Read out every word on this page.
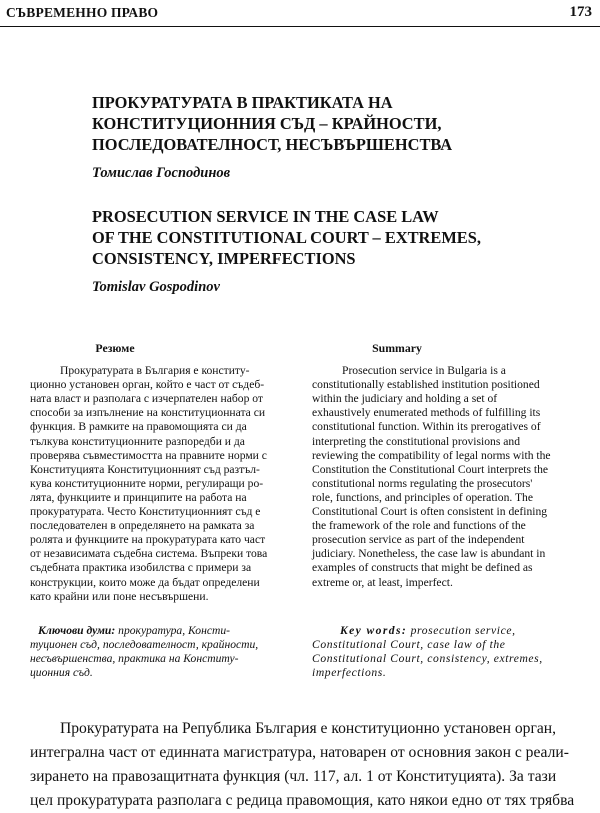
СЪВРЕМЕННО ПРАВО	173
ПРОКУРАТУРАТА В ПРАКТИКАТА НА
КОНСТИТУЦИОННИЯ СЪД – КРАЙНОСТИ,
ПОСЛЕДОВАТЕЛНОСТ, НЕСЪВЪРШЕНСТВА
Томислав Господинов
PROSECUTION SERVICE IN THE CASE LAW
OF THE CONSTITUTIONAL COURT – EXTREMES,
CONSISTENCY, IMPERFECTIONS
Tomislav Gospodinov
Резюме

Прокуратурата в България е конститу-

ционно установен орган, който е част от съдеб-
ната власт и разполага с изчерпателен набор от
способи за изпълнение на конституционната си
функция. В рамките на правомощията си да
тълкува конституционните разпоредби и да
проверява съвместимостта на правните норми с
Конституцията Конституционният съд разтъл-
кува конституционните норми, регулиращи ро-
лята, функциите и принципите на работа на
прокуратурата. Често Конституционният съд е
последователен в определянето на рамката за
ролята и функциите на прокуратурата като част
от независимата съдебна система. Въпреки това
съдебната практика изобилства с примери за
конструкции, които може да бъдат определени
като крайни или поне несъвършени.
Ключови думи: прокуратура, Консти-
туционен съд, последователност, крайности,
несъвършенства, практика на Конститу-
ционния съд.
Summary

Prosecution service in Bulgaria is a

constitutionally established institution positioned
within the judiciary and holding a set of
exhaustively enumerated methods of fulfilling its
constitutional function. Within its prerogatives of
interpreting the constitutional provisions and
reviewing the compatibility of legal norms with the
Constitution the Constitutional Court interprets the
constitutional norms regulating the prosecutors'
role, functions, and principles of operation. The
Constitutional Court is often consistent in defining
the framework of the role and functions of the
prosecution service as part of the independent
judiciary. Nonetheless, the case law is abundant in
examples of constructs that might be defined as
extreme or, at least, imperfect.
Key words: prosecution service,
Constitutional Court, case law of the
Constitutional Court, consistency, extremes,
imperfections.
Прокуратурата на Република България е конституционно установен орган,
интегрална част от единната магистратура, натоварен от основния закон с реали-
зирането на правозащитната функция (чл. 117, ал. 1 от Конституцията). За тази
цел прокуратурата разполага с редица правомощия, като някои едно от тях трябва
